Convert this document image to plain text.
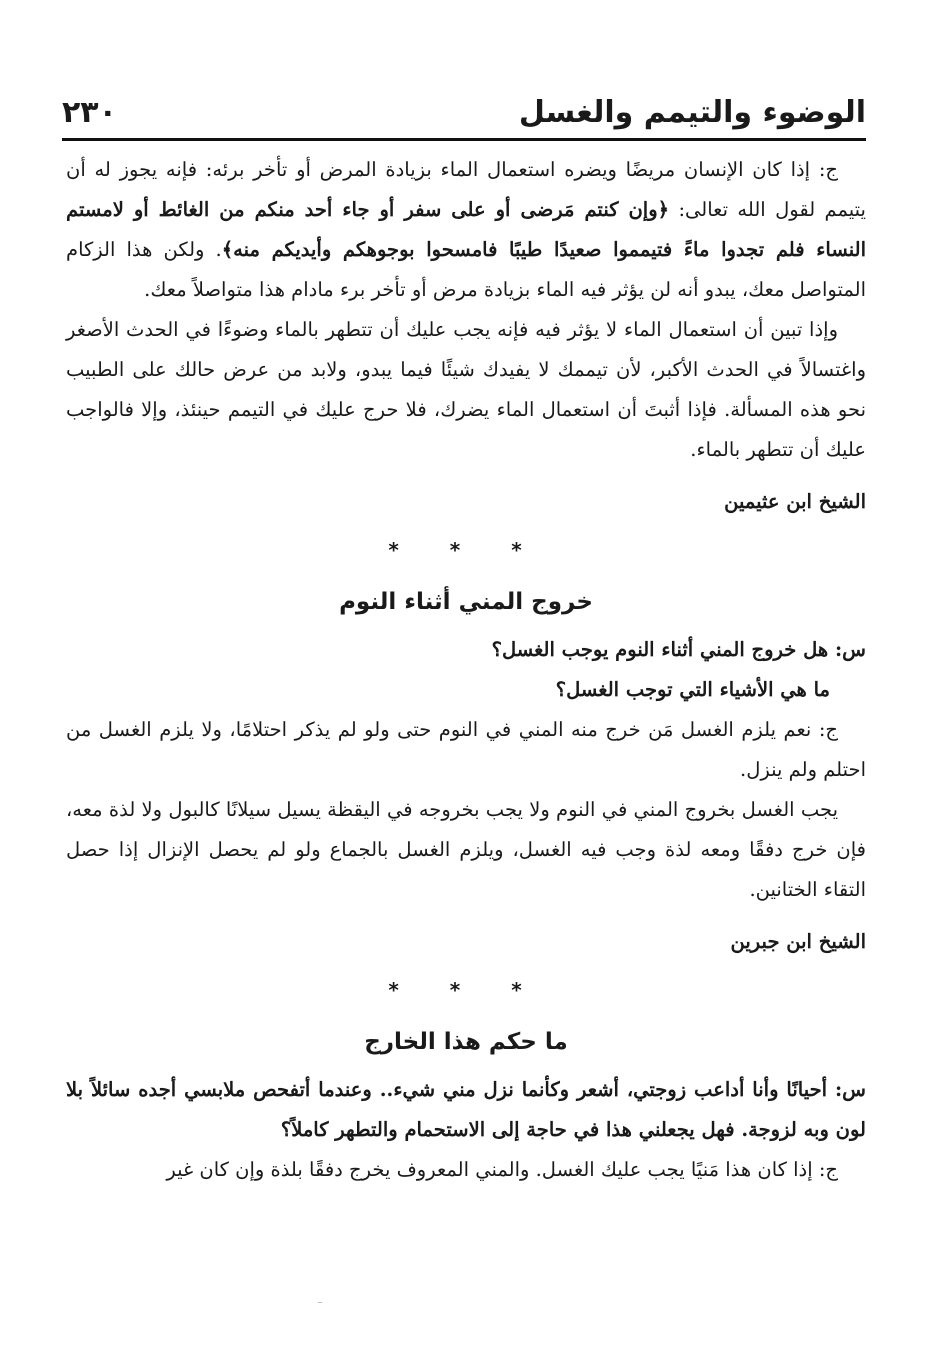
الوضوء والتيمم والغسل
٢٣٠

ج: إذا كان الإنسان مريضًا ويضره استعمال الماء بزيادة المرض أو تأخر برئه: فإنه يجوز له أن يتيمم لقول الله تعالى: ﴿وإن كنتم مَرضى أو على سفر أو جاء أحد منكم من الغائط أو لامستم النساء فلم تجدوا ماءً فتيمموا صعيدًا طيبًا فامسحوا بوجوهكم وأيديكم منه﴾. ولكن هذا الزكام المتواصل معك، يبدو أنه لن يؤثر فيه الماء بزيادة مرض أو تأخر برء مادام هذا متواصلاً معك.

وإذا تبين أن استعمال الماء لا يؤثر فيه فإنه يجب عليك أن تتطهر بالماء وضوءًا في الحدث الأصغر واغتسالاً في الحدث الأكبر، لأن تيممك لا يفيدك شيئًا فيما يبدو، ولابد من عرض حالك على الطبيب نحو هذه المسألة. فإذا أثبتَ أن استعمال الماء يضرك، فلا حرج عليك في التيمم حينئذ، وإلا فالواجب عليك أن تتطهر بالماء.

الشيخ ابن عثيمين

* * *

خروج المني أثناء النوم

س: هل خروج المني أثناء النوم يوجب الغسل؟

ما هي الأشياء التي توجب الغسل؟

ج: نعم يلزم الغسل مَن خرج منه المني في النوم حتى ولو لم يذكر احتلامًا، ولا يلزم الغسل من احتلم ولم ينزل.

يجب الغسل بخروج المني في النوم ولا يجب بخروجه في اليقظة يسيل سيلانًا كالبول ولا لذة معه، فإن خرج دفقًا ومعه لذة وجب فيه الغسل، ويلزم الغسل بالجماع ولو لم يحصل الإنزال إذا حصل التقاء الختانين.

الشيخ ابن جبرين

* * *

ما حكم هذا الخارج

س: أحيانًا وأنا أداعب زوجتي، أشعر وكأنما نزل مني شيء.. وعندما أتفحص ملابسي أجده سائلاً بلا لون وبه لزوجة. فهل يجعلني هذا في حاجة إلى الاستحمام والتطهر كاملاً؟

ج: إذا كان هذا مَنيًا يجب عليك الغسل. والمني المعروف يخرج دفقًا بلذة وإن كان غير
